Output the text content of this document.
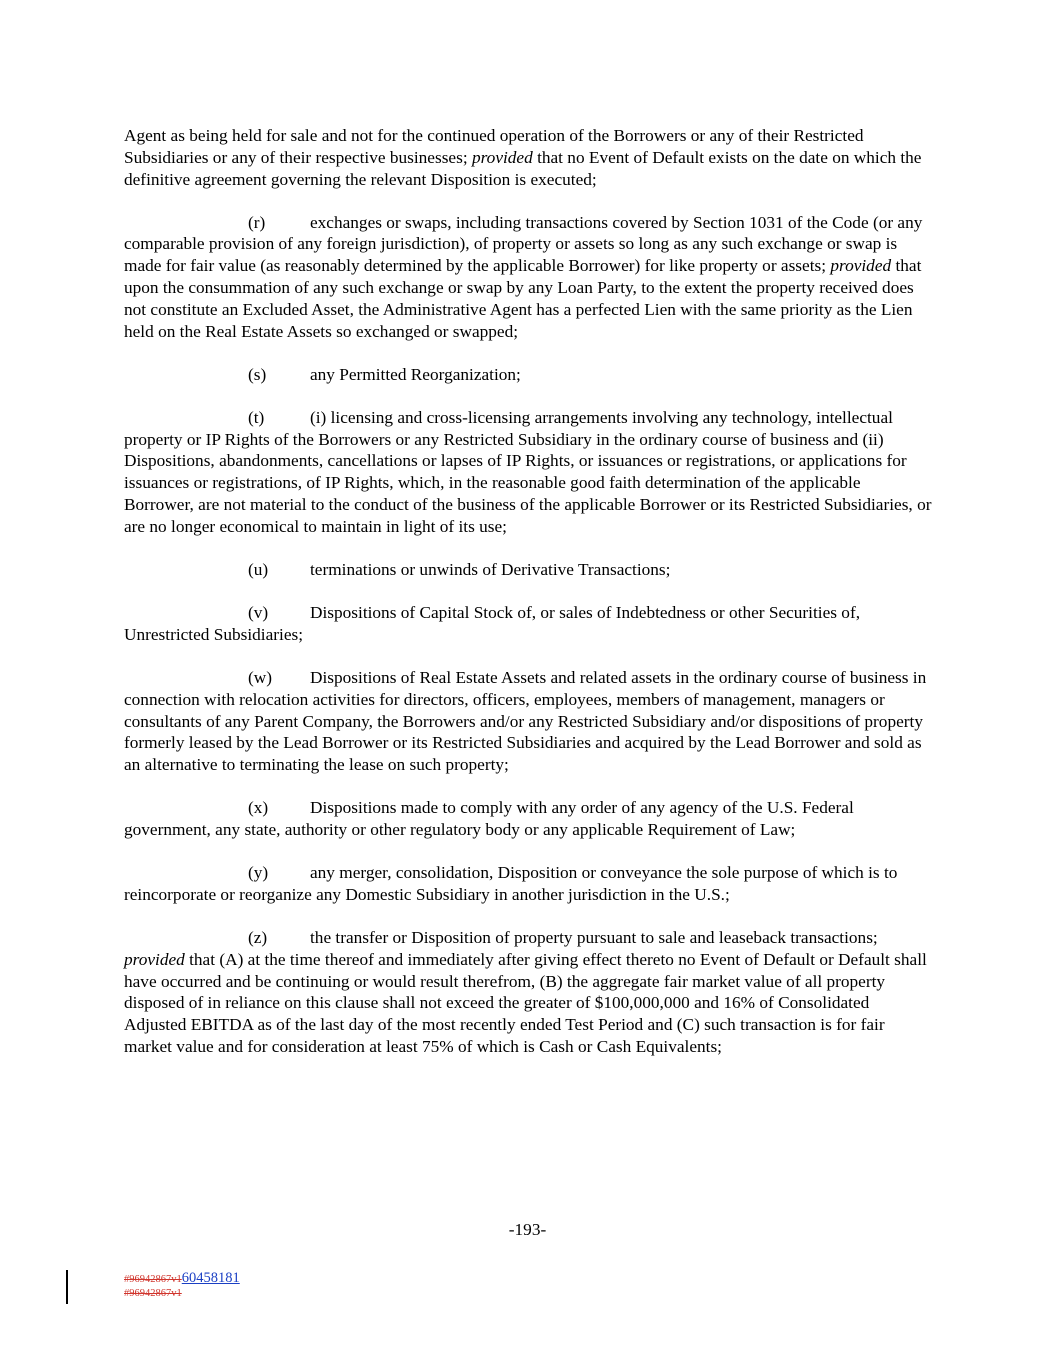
Agent as being held for sale and not for the continued operation of the Borrowers or any of their Restricted Subsidiaries or any of their respective businesses; provided that no Event of Default exists on the date on which the definitive agreement governing the relevant Disposition is executed;

(r)	exchanges or swaps, including transactions covered by Section 1031 of the Code (or any comparable provision of any foreign jurisdiction), of property or assets so long as any such exchange or swap is made for fair value (as reasonably determined by the applicable Borrower) for like property or assets; provided that upon the consummation of any such exchange or swap by any Loan Party, to the extent the property received does not constitute an Excluded Asset, the Administrative Agent has a perfected Lien with the same priority as the Lien held on the Real Estate Assets so exchanged or swapped;

(s)	any Permitted Reorganization;

(t)	(i) licensing and cross-licensing arrangements involving any technology, intellectual property or IP Rights of the Borrowers or any Restricted Subsidiary in the ordinary course of business and (ii) Dispositions, abandonments, cancellations or lapses of IP Rights, or issuances or registrations, or applications for issuances or registrations, of IP Rights, which, in the reasonable good faith determination of the applicable Borrower, are not material to the conduct of the business of the applicable Borrower or its Restricted Subsidiaries, or are no longer economical to maintain in light of its use;

(u) terminations or unwinds of Derivative Transactions;

(v) Dispositions of Capital Stock of, or sales of Indebtedness or other Securities of, Unrestricted Subsidiaries;

(w) Dispositions of Real Estate Assets and related assets in the ordinary course of business in connection with relocation activities for directors, officers, employees, members of management, managers or consultants of any Parent Company, the Borrowers and/or any Restricted Subsidiary and/or dispositions of property formerly leased by the Lead Borrower or its Restricted Subsidiaries and acquired by the Lead Borrower and sold as an alternative to terminating the lease on such property;

(x) Dispositions made to comply with any order of any agency of the U.S. Federal government, any state, authority or other regulatory body or any applicable Requirement of Law;

(y) any merger, consolidation, Disposition or conveyance the sole purpose of which is to reincorporate or reorganize any Domestic Subsidiary in another jurisdiction in the U.S.;

(z) the transfer or Disposition of property pursuant to sale and leaseback transactions; provided that (A) at the time thereof and immediately after giving effect thereto no Event of Default or Default shall have occurred and be continuing or would result therefrom, (B) the aggregate fair market value of all property disposed of in reliance on this clause shall not exceed the greater of $100,000,000 and 16% of Consolidated Adjusted EBITDA as of the last day of the most recently ended Test Period and (C) such transaction is for fair market value and for consideration at least 75% of which is Cash or Cash Equivalents;

-193-
#96942867v160458181
#96942867v1
